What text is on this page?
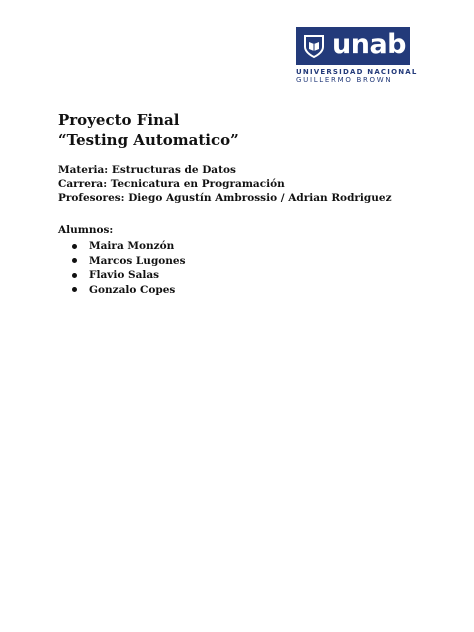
unab
UNIVERSIDAD NACIONAL
GUILLERMO BROWN
Proyecto Final
“Testing Automatico”
Materia: Estructuras de Datos
Carrera: Tecnicatura en Programación
Profesores: Diego Agustín Ambrossio / Adrian Rodriguez
Alumnos:
Maira Monzón
Marcos Lugones
Flavio Salas
Gonzalo Copes
